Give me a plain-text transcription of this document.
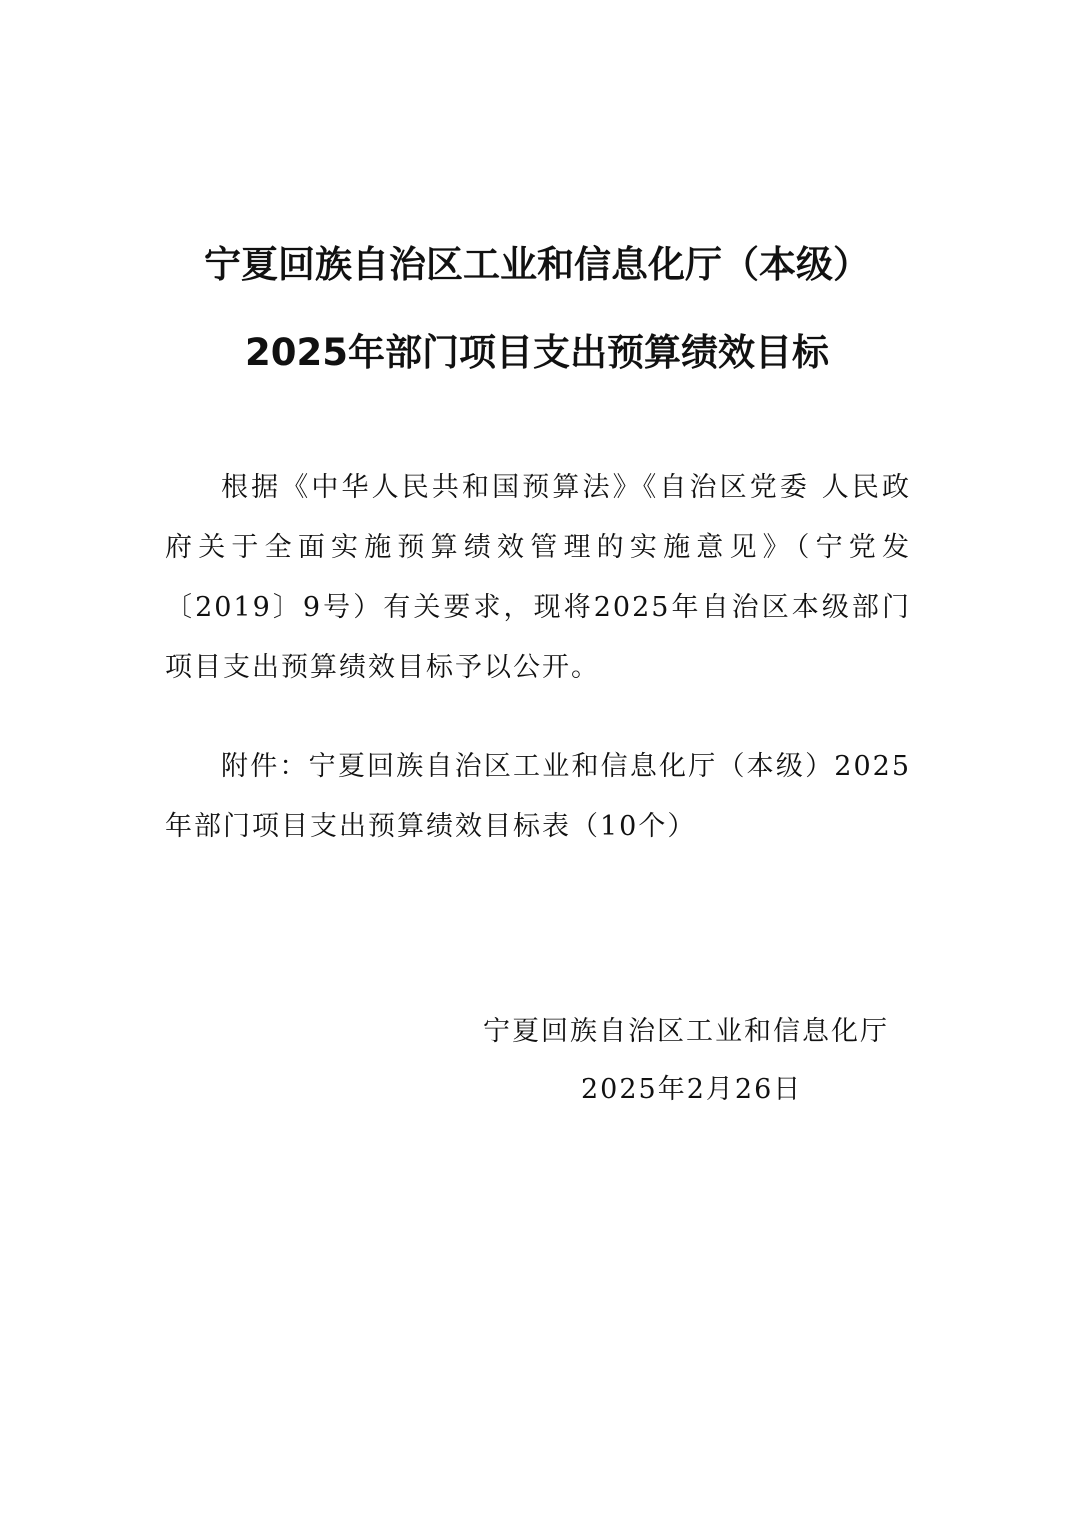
宁夏回族自治区工业和信息化厅（本级）
2025年部门项目支出预算绩效目标
根据《中华人民共和国预算法》《自治区党委 人民政府关于全面实施预算绩效管理的实施意见》（宁党发〔2019〕9号）有关要求，现将2025年自治区本级部门项目支出预算绩效目标予以公开。
附件：宁夏回族自治区工业和信息化厅（本级）2025年部门项目支出预算绩效目标表（10个）
宁夏回族自治区工业和信息化厅
2025年2月26日
